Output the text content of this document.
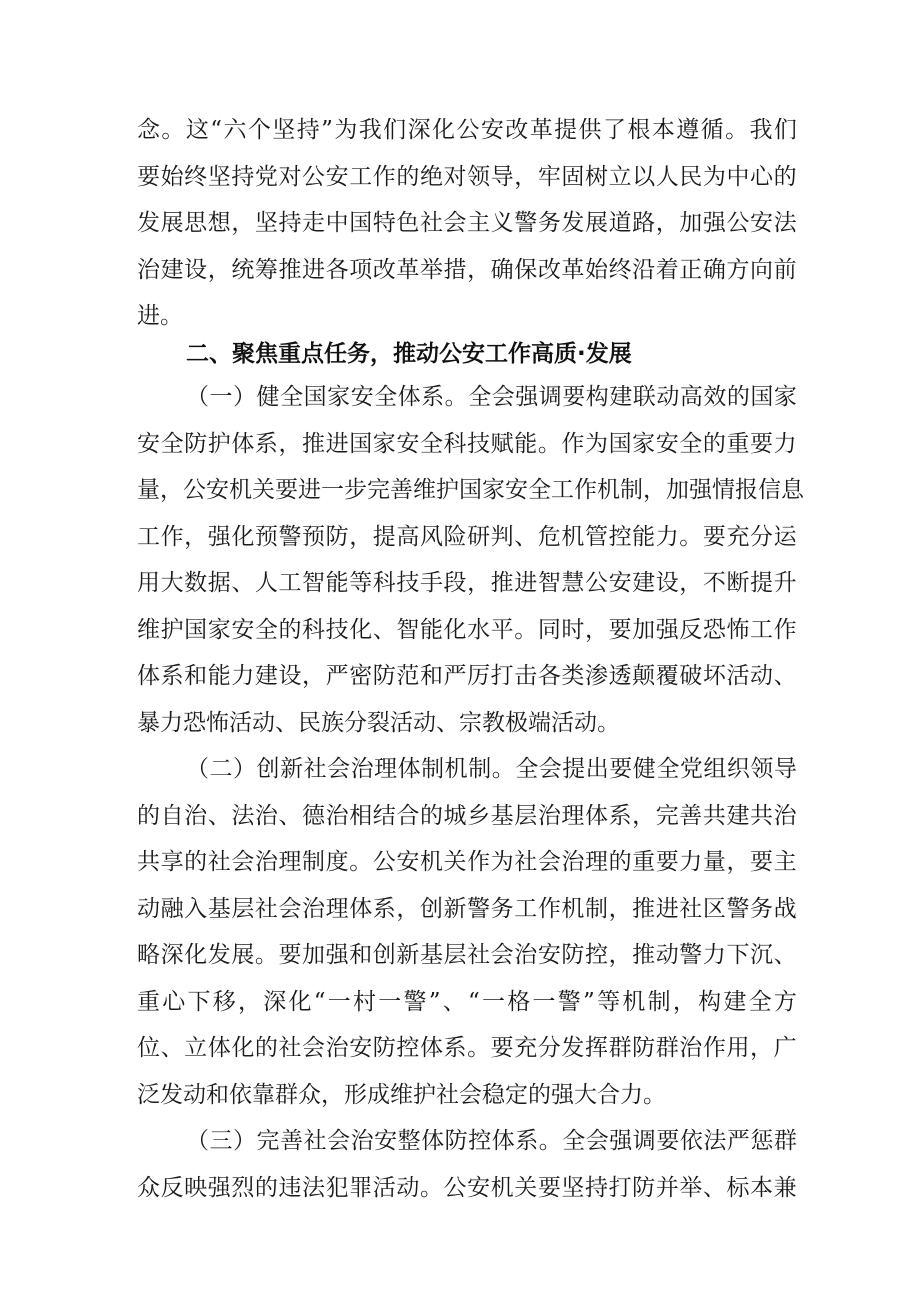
念 。 这 “ 六 个 坚 持 ” 为 我 们 深 化 公 安 改 革 提 供 了 根 本 遵 循 。 我 们
要 始 终 坚 持 党 对 公 安 工 作 的 绝 对 领 导 ， 牢 固 树 立 以 人 民 为 中 心 的
发 展 思 想 ， 坚 持 走 中 国 特 色 社 会 主 义 警 务 发 展 道 路 ， 加 强 公 安 法
治 建 设 ， 统 筹 推 进 各 项 改 革 举 措 ， 确 保 改 革 始 终 沿 着 正 确 方 向 前
进。
二、聚焦重点任务，推动公安工作高质·发展
（ 一 ） 健 全 国 家 安 全 体 系 。 全 会 强 调 要 构 建 联 动 高 效 的 国 家
安 全 防 护 体 系 ， 推 进 国 家 安 全 科 技 赋 能 。 作 为 国 家 安 全 的 重 要 力
量 ， 公 安 机 关 要 进 一 步 完 善 维 护 国 家 安 全 工 作 机 制 ， 加 强 情 报 信 息
工 作 ， 强 化 预 警 预 防 ， 提 高 风 险 研 判 、 危 机 管 控 能 力 。 要 充 分 运
用 大 数 据 、 人 工 智 能 等 科 技 手 段 ， 推 进 智 慧 公 安 建 设 ， 不 断 提 升
维 护 国 家 安 全 的 科 技 化 、 智 能 化 水 平 。 同 时 ， 要 加 强 反 恐 怖 工 作
体 系 和 能 力 建 设 ， 严 密 防 范 和 严 厉 打 击 各 类 渗 透 颠 覆 破 坏 活 动 、
暴力恐怖活动、民族分裂活动、宗教极端活动。
（ 二 ） 创 新 社 会 治 理 体 制 机 制 。 全 会 提 出 要 健 全 党 组 织 领 导
的 自 治 、 法 治 、 德 治 相 结 合 的 城 乡 基 层 治 理 体 系 ， 完 善 共 建 共 治
共 享 的 社 会 治 理 制 度 。 公 安 机 关 作 为 社 会 治 理 的 重 要 力 量 ， 要 主
动 融 入 基 层 社 会 治 理 体 系 ， 创 新 警 务 工 作 机 制 ， 推 进 社 区 警 务 战
略 深 化 发 展 。 要 加 强 和 创 新 基 层 社 会 治 安 防 控 ， 推 动 警 力 下 沉 、
重 心 下 移 ， 深 化 “ 一 村 一 警 ” 、 “ 一 格 一 警 ” 等 机 制 ， 构 建 全 方
位 、 立 体 化 的 社 会 治 安 防 控 体 系 。 要 充 分 发 挥 群 防 群 治 作 用 ， 广
泛发动和依靠群众，形成维护社会稳定的强大合力。
（ 三 ） 完 善 社 会 治 安 整 体 防 控 体 系 。 全 会 强 调 要 依 法 严 惩 群
众 反 映 强 烈 的 违 法 犯 罪 活 动 。 公 安 机 关 要 坚 持 打 防 并 举 、 标 本 兼
